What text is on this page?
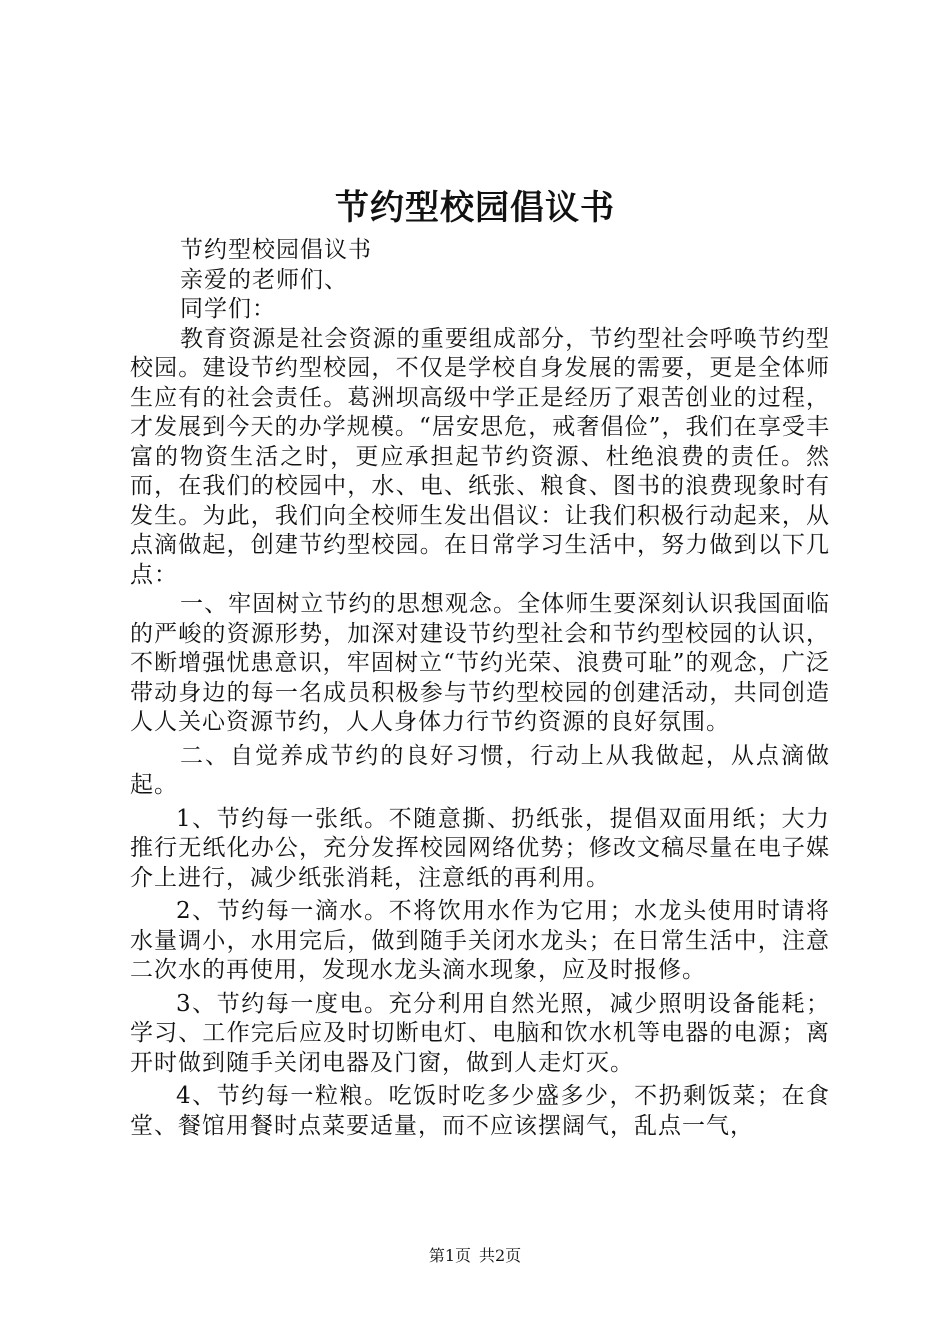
节约型校园倡议书

节约型校园倡议书

亲爱的老师们、

同学们：

教育资源是社会资源的重要组成部分，节约型社会呼唤节约型校园。建设节约型校园，不仅是学校自身发展的需要，更是全体师生应有的社会责任。葛洲坝高级中学正是经历了艰苦创业的过程，才发展到今天的办学规模。“居安思危，戒奢倡俭”，我们在享受丰富的物资生活之时，更应承担起节约资源、杜绝浪费的责任。然而，在我们的校园中，水、电、纸张、粮食、图书的浪费现象时有发生。为此，我们向全校师生发出倡议：让我们积极行动起来，从点滴做起，创建节约型校园。在日常学习生活中，努力做到以下几点：

一、牢固树立节约的思想观念。全体师生要深刻认识我国面临的严峻的资源形势，加深对建设节约型社会和节约型校园的认识，不断增强忧患意识，牢固树立“节约光荣、浪费可耻”的观念，广泛带动身边的每一名成员积极参与节约型校园的创建活动，共同创造人人关心资源节约，人人身体力行节约资源的良好氛围。

二、自觉养成节约的良好习惯，行动上从我做起，从点滴做起。

1、节约每一张纸。不随意撕、扔纸张，提倡双面用纸；大力推行无纸化办公，充分发挥校园网络优势；修改文稿尽量在电子媒介上进行，减少纸张消耗，注意纸的再利用。

2、节约每一滴水。不将饮用水作为它用；水龙头使用时请将水量调小，水用完后，做到随手关闭水龙头；在日常生活中，注意二次水的再使用，发现水龙头滴水现象，应及时报修。

3、节约每一度电。充分利用自然光照，减少照明设备能耗；学习、工作完后应及时切断电灯、电脑和饮水机等电器的电源；离开时做到随手关闭电器及门窗，做到人走灯灭。

4、节约每一粒粮。吃饭时吃多少盛多少，不扔剩饭菜；在食堂、餐馆用餐时点菜要适量，而不应该摆阔气，乱点一气，

第1页 共2页
